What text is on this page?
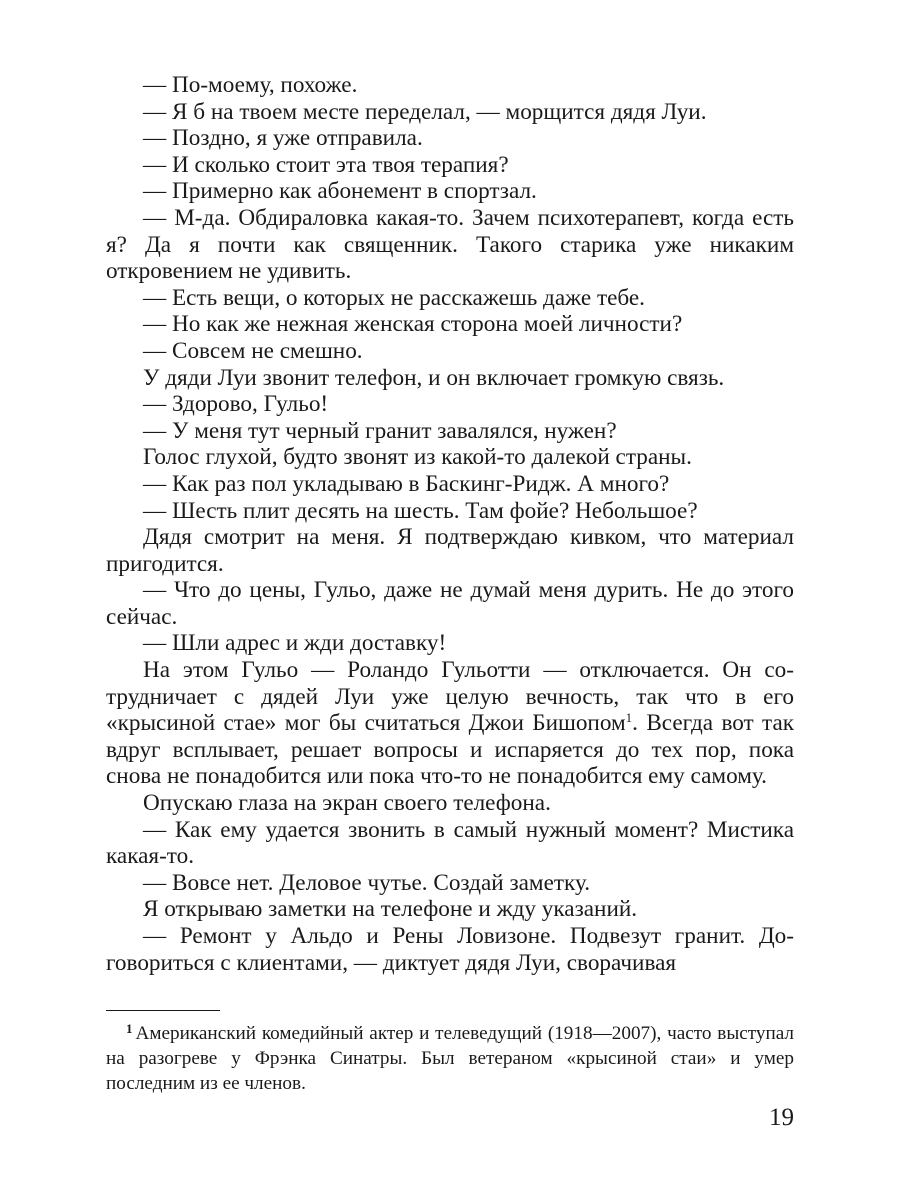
— По-моему, похоже.

— Я б на твоем месте переделал, — морщится дядя Луи.

— Поздно, я уже отправила.

— И сколько стоит эта твоя терапия?

— Примерно как абонемент в спортзал.

— М-да. Обдираловка какая-то. Зачем психотерапевт, когда есть я? Да я почти как священник. Такого старика уже никаким откровением не удивить.

— Есть вещи, о которых не расскажешь даже тебе.

— Но как же нежная женская сторона моей личности?

— Совсем не смешно.

У дяди Луи звонит телефон, и он включает громкую связь.

— Здорово, Гульо!

— У меня тут черный гранит завалялся, нужен?

Голос глухой, будто звонят из какой-то далекой страны.

— Как раз пол укладываю в Баскинг-Ридж. А много?

— Шесть плит десять на шесть. Там фойе? Небольшое?

Дядя смотрит на меня. Я подтверждаю кивком, что материал пригодится.

— Что до цены, Гульо, даже не думай меня дурить. Не до этого сейчас.

— Шли адрес и жди доставку!

На этом Гульо — Роландо Гульотти — отключается. Он сотрудничает с дядей Луи уже целую вечность, так что в его «крысиной стае» мог бы считаться Джои Бишопом$^1$. Всегда вот так вдруг всплывает, решает вопросы и испаряется до тех пор, пока снова не понадобится или пока что-то не понадобится ему самому.

Опускаю глаза на экран своего телефона.

— Как ему удается звонить в самый нужный момент? Мистика какая-то.

— Вовсе нет. Деловое чутье. Создай заметку.

Я открываю заметки на телефоне и жду указаний.

— Ремонт у Альдо и Рены Ловизоне. Подвезут гранит. Договориться с клиентами, — диктует дядя Луи, сворачивая

$^1$ Американский комедийный актер и телеведущий (1918—2007), часто выступал на разогреве у Фрэнка Синатры. Был ветераном «крысиной стаи» и умер последним из ее членов.

19
